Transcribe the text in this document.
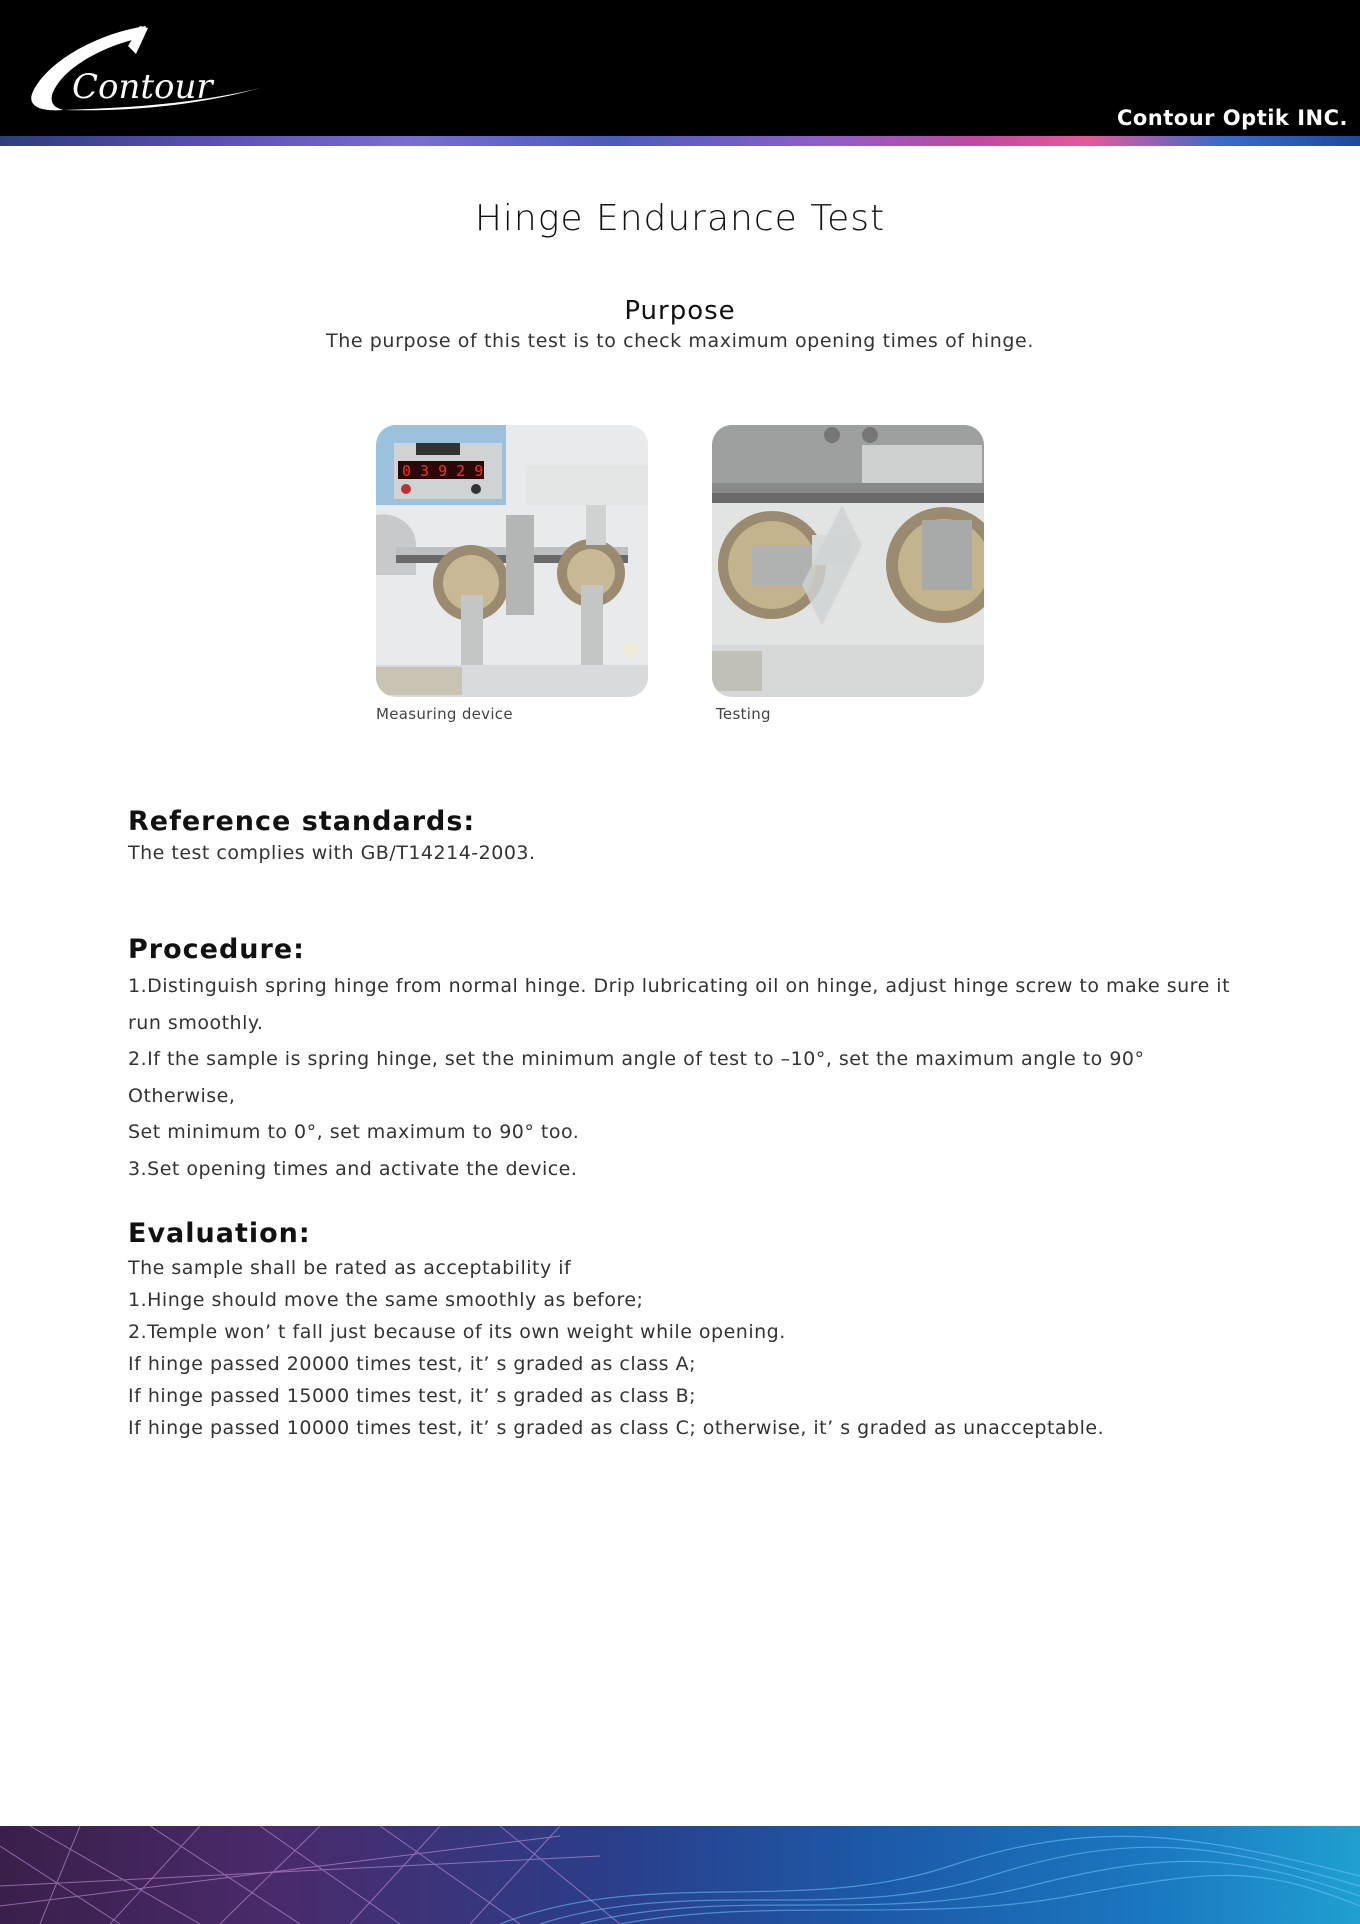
Contour
Contour Optik INC.
Hinge Endurance Test
Purpose
The purpose of this test is to check maximum opening times of hinge.
0 3 9 2 9
Measuring device	Testing
Reference standards:

The test complies with GB/T14214-2003.

Procedure:

1.Distinguish spring hinge from normal hinge. Drip lubricating oil on hinge, adjust hinge screw to make sure it

run smoothly.

2.If the sample is spring hinge, set the minimum angle of test to –10°, set the maximum angle to 90° Otherwise,

Set minimum to 0°, set maximum to 90° too.

3.Set opening times and activate the device.

Evaluation:

The sample shall be rated as acceptability if

1.Hinge should move the same smoothly as before;

2.Temple won’ t fall just because of its own weight while opening.

If hinge passed 20000 times test, it’ s graded as class A;

If hinge passed 15000 times test, it’ s graded as class B;

If hinge passed 10000 times test, it’ s graded as class C; otherwise, it’ s graded as unacceptable.
